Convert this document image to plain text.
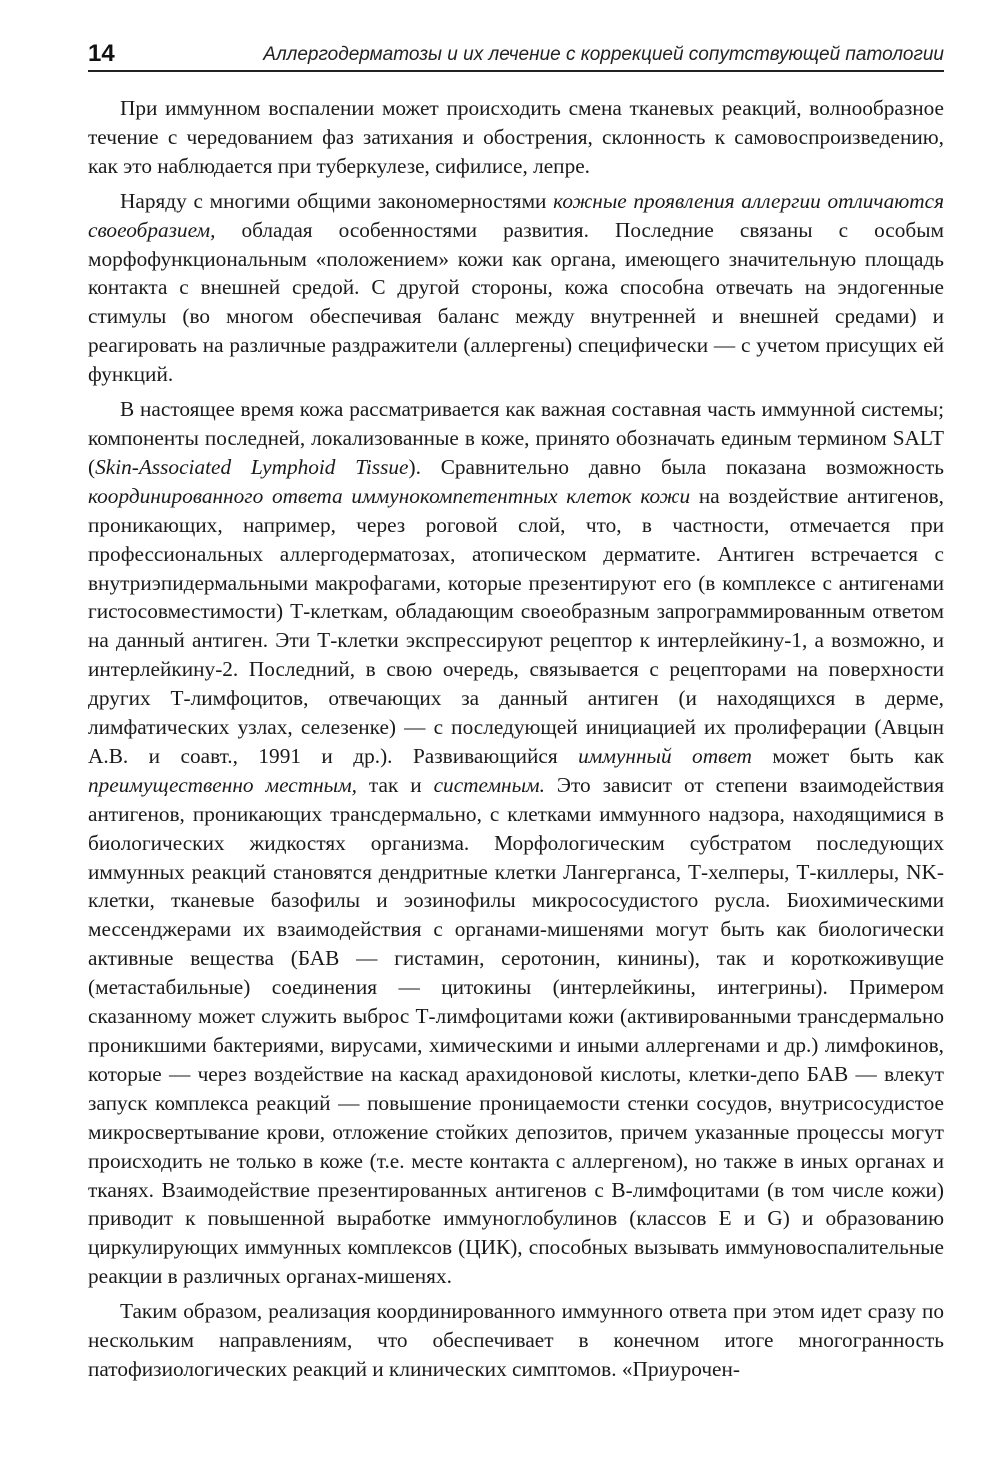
14	Аллергодерматозы и их лечение с коррекцией сопутствующей патологии

При иммунном воспалении может происходить смена тканевых реакций, волнообразное течение с чередованием фаз затихания и обострения, склонность к самовоспроизведению, как это наблюдается при туберкулезе, сифилисе, лепре.

Наряду с многими общими закономерностями кожные проявления аллергии отличаются своеобразием, обладая особенностями развития. Последние связаны с особым морфофункциональным «положением» кожи как органа, имеющего значительную площадь контакта с внешней средой. С другой стороны, кожа способна отвечать на эндогенные стимулы (во многом обеспечивая баланс между внутренней и внешней средами) и реагировать на различные раздражители (аллергены) специфически — с учетом присущих ей функций.

В настоящее время кожа рассматривается как важная составная часть иммунной системы; компоненты последней, локализованные в коже, принято обозначать единым термином SALT (Skin-Associated Lymphoid Tissue). Сравнительно давно была показана возможность координированного ответа иммунокомпетентных клеток кожи на воздействие антигенов, проникающих, например, через роговой слой, что, в частности, отмечается при профессиональных аллергодерматозах, атопическом дерматите. Антиген встречается с внутриэпидермальными макрофагами, которые презентируют его (в комплексе с антигенами гистосовместимости) Т-клеткам, обладающим своеобразным запрограммированным ответом на данный антиген. Эти Т-клетки экспрессируют рецептор к интерлейкину-1, а возможно, и интерлейкину-2. Последний, в свою очередь, связывается с рецепторами на поверхности других Т-лимфоцитов, отвечающих за данный антиген (и находящихся в дерме, лимфатических узлах, селезенке) — с последующей инициацией их пролиферации (Авцын А.В. и соавт., 1991 и др.). Развивающийся иммунный ответ может быть как преимущественно местным, так и системным. Это зависит от степени взаимодействия антигенов, проникающих трансдермально, с клетками иммунного надзора, находящимися в биологических жидкостях организма. Морфологическим субстратом последующих иммунных реакций становятся дендритные клетки Лангерганса, Т-хелперы, Т-киллеры, NK-клетки, тканевые базофилы и эозинофилы микрососудистого русла. Биохимическими мессенджерами их взаимодействия с органами-мишенями могут быть как биологически активные вещества (БАВ — гистамин, серотонин, кинины), так и короткоживущие (метастабильные) соединения — цитокины (интерлейкины, интегрины). Примером сказанному может служить выброс Т-лимфоцитами кожи (активированными трансдермально проникшими бактериями, вирусами, химическими и иными аллергенами и др.) лимфокинов, которые — через воздействие на каскад арахидоновой кислоты, клетки-депо БАВ — влекут запуск комплекса реакций — повышение проницаемости стенки сосудов, внутрисосудистое микросвертывание крови, отложение стойких депозитов, причем указанные процессы могут происходить не только в коже (т.е. месте контакта с аллергеном), но также в иных органах и тканях. Взаимодействие презентированных антигенов с В-лимфоцитами (в том числе кожи) приводит к повышенной выработке иммуноглобулинов (классов E и G) и образованию циркулирующих иммунных комплексов (ЦИК), способных вызывать иммуновоспалительные реакции в различных органах-мишенях.

Таким образом, реализация координированного иммунного ответа при этом идет сразу по нескольким направлениям, что обеспечивает в конечном итоге многогранность патофизиологических реакций и клинических симптомов. «Приурочен-
